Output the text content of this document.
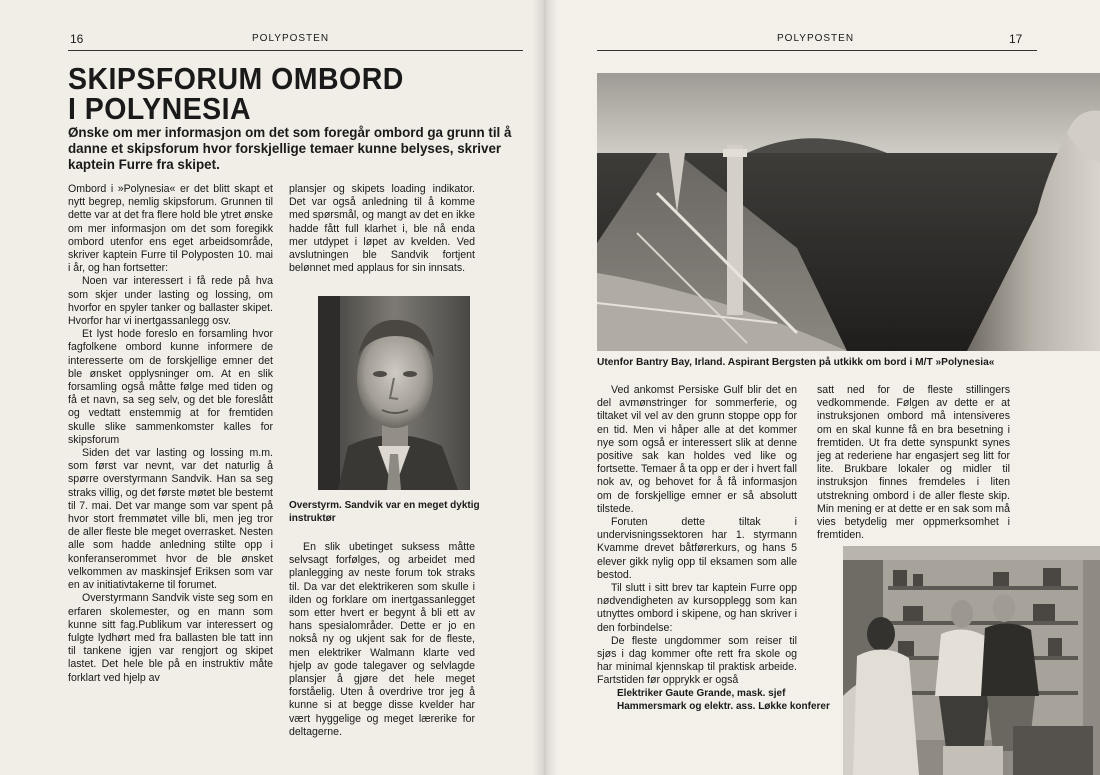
16	POLYPOSTEN
SKIPSFORUM OMBORD
I POLYNESIA
Ønske om mer informasjon om det som foregår ombord ga grunn til å danne et skipsforum hvor forskjellige temaer kunne belyses, skriver kaptein Furre fra skipet.

Ombord i »Polynesia« er det blitt skapt et nytt begrep, nemlig skipsforum. Grunnen til dette var at det fra flere hold ble ytret ønske om mer informasjon om det som foregikk ombord utenfor ens eget arbeidsområde, skriver kaptein Furre til Polyposten 10. mai i år, og han fortsetter:

Noen var interessert i få rede på hva som skjer under lasting og lossing, om hvorfor en spyler tanker og ballaster skipet. Hvorfor har vi inertgassanlegg osv.

Et lyst hode foreslo en forsamling hvor fagfolkene ombord kunne informere de interesserte om de forskjellige emner det ble ønsket opplysninger om. At en slik forsamling også måtte følge med tiden og få et navn, sa seg selv, og det ble foreslått og vedtatt enstemmig at for fremtiden skulle slike sammenkomster kalles for skipsforum

Siden det var lasting og lossing m.m. som først var nevnt, var det naturlig å spørre overstyrmann Sandvik. Han sa seg straks villig, og det første møtet ble bestemt til 7. mai. Det var mange som var spent på hvor stort fremmøtet ville bli, men jeg tror de aller fleste ble meget overrasket. Nesten alle som hadde anledning stilte opp i konferanserommet hvor de ble ønsket velkommen av maskinsjef Eriksen som var en av initiativtakerne til forumet.

Overstyrmann Sandvik viste seg som en erfaren skolemester, og en mann som kunne sitt fag.Publikum var interessert og fulgte lydhørt med fra ballasten ble tatt inn til tankene igjen var rengjort og skipet lastet. Det hele ble på en instruktiv måte forklart ved hjelp av

plansjer og skipets loading indikator. Det var også anledning til å komme med spørsmål, og mangt av det en ikke hadde fått full klarhet i, ble nå enda mer utdypet i løpet av kvelden. Ved avslutningen ble Sandvik fortjent belønnet med applaus for sin innsats.

Overstyrm. Sandvik var en meget dyktig instruktør

En slik ubetinget suksess måtte selvsagt forfølges, og arbeidet med planlegging av neste forum tok straks til. Da var det elektrikeren som skulle i ilden og forklare om inertgassanlegget som etter hvert er begynt å bli ett av hans spesialområder. Dette er jo en nokså ny og ukjent sak for de fleste, men elektriker Walmann klarte ved hjelp av gode talegaver og selvlagde plansjer å gjøre det hele meget forståelig. Uten å overdrive tror jeg å kunne si at begge disse kvelder har vært hyggelige og meget lærerike for deltagerne.

POLYPOSTEN	17
Utenfor Bantry Bay, Irland. Aspirant Bergsten på utkikk om bord i M/T »Polynesia«

Ved ankomst Persiske Gulf blir det en del avmønstringer for sommerferie, og tiltaket vil vel av den grunn stoppe opp for en tid. Men vi håper alle at det kommer nye som også er interessert slik at denne positive sak kan holdes ved like og fortsette. Temaer å ta opp er der i hvert fall nok av, og behovet for å få informasjon om de forskjellige emner er så absolutt tilstede.

Foruten dette tiltak i undervisningssektoren har 1. styrmann Kvamme drevet båtførerkurs, og hans 5 elever gikk nylig opp til eksamen som alle bestod.

Til slutt i sitt brev tar kaptein Furre opp nødvendigheten av kursopplegg som kan utnyttes ombord i skipene, og han skriver i den forbindelse:

De fleste ungdommer som reiser til sjøs i dag kommer ofte rett fra skole og har minimal kjennskap til praktisk arbeide. Fartstiden før opprykk er også

satt ned for de fleste stillingers vedkommende. Følgen av dette er at instruksjonen ombord må intensiveres om en skal kunne få en bra besetning i fremtiden. Ut fra dette synspunkt synes jeg at rederiene har engasjert seg litt for lite. Brukbare lokaler og midler til instruksjon finnes fremdeles i liten utstrekning ombord i de aller fleste skip. Min mening er at dette er en sak som må vies betydelig mer oppmerksomhet i fremtiden.

Elektriker Gaute Grande, mask. sjef Hammersmark og elektr. ass. Løkke konferer
